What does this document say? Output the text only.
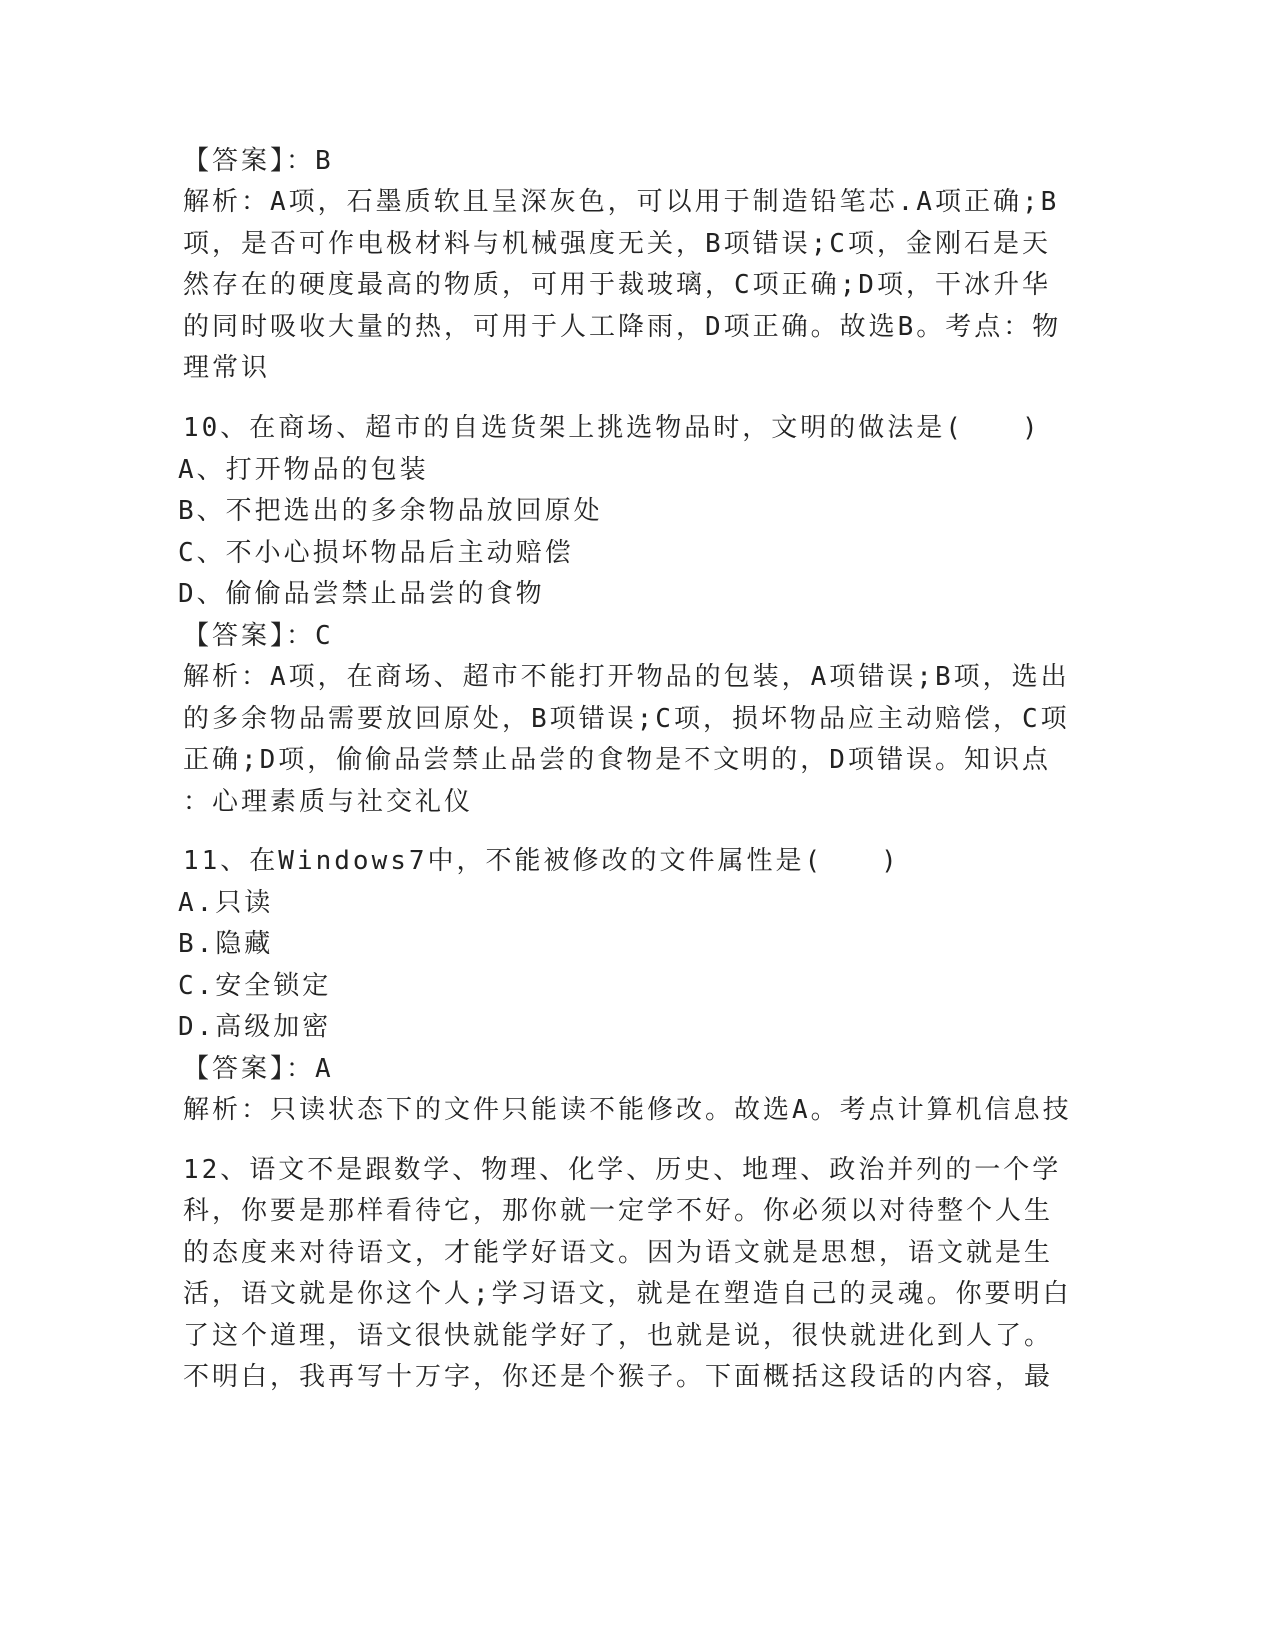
【答案】：B
解析：A项，石墨质软且呈深灰色，可以用于制造铅笔芯.A项正确;B
项，是否可作电极材料与机械强度无关，B项错误;C项，金刚石是天
然存在的硬度最高的物质，可用于裁玻璃，C项正确;D项，干冰升华
的同时吸收大量的热，可用于人工降雨，D项正确。故选B。考点：物
理常识
10、在商场、超市的自选货架上挑选物品时，文明的做法是(　　)
A、打开物品的包装
B、不把选出的多余物品放回原处
C、不小心损坏物品后主动赔偿
D、偷偷品尝禁止品尝的食物
【答案】：C
解析：A项，在商场、超市不能打开物品的包装，A项错误;B项，选出
的多余物品需要放回原处，B项错误;C项，损坏物品应主动赔偿，C项
正确;D项，偷偷品尝禁止品尝的食物是不文明的，D项错误。知识点
：心理素质与社交礼仪
11、在Windows7中，不能被修改的文件属性是(　　)
A.只读
B.隐藏
C.安全锁定
D.高级加密
【答案】：A
解析：只读状态下的文件只能读不能修改。故选A。考点计算机信息技
12、语文不是跟数学、物理、化学、历史、地理、政治并列的一个学
科，你要是那样看待它，那你就一定学不好。你必须以对待整个人生
的态度来对待语文，才能学好语文。因为语文就是思想，语文就是生
活，语文就是你这个人;学习语文，就是在塑造自己的灵魂。你要明白
了这个道理，语文很快就能学好了，也就是说，很快就进化到人了。
不明白，我再写十万字，你还是个猴子。下面概括这段话的内容，最
